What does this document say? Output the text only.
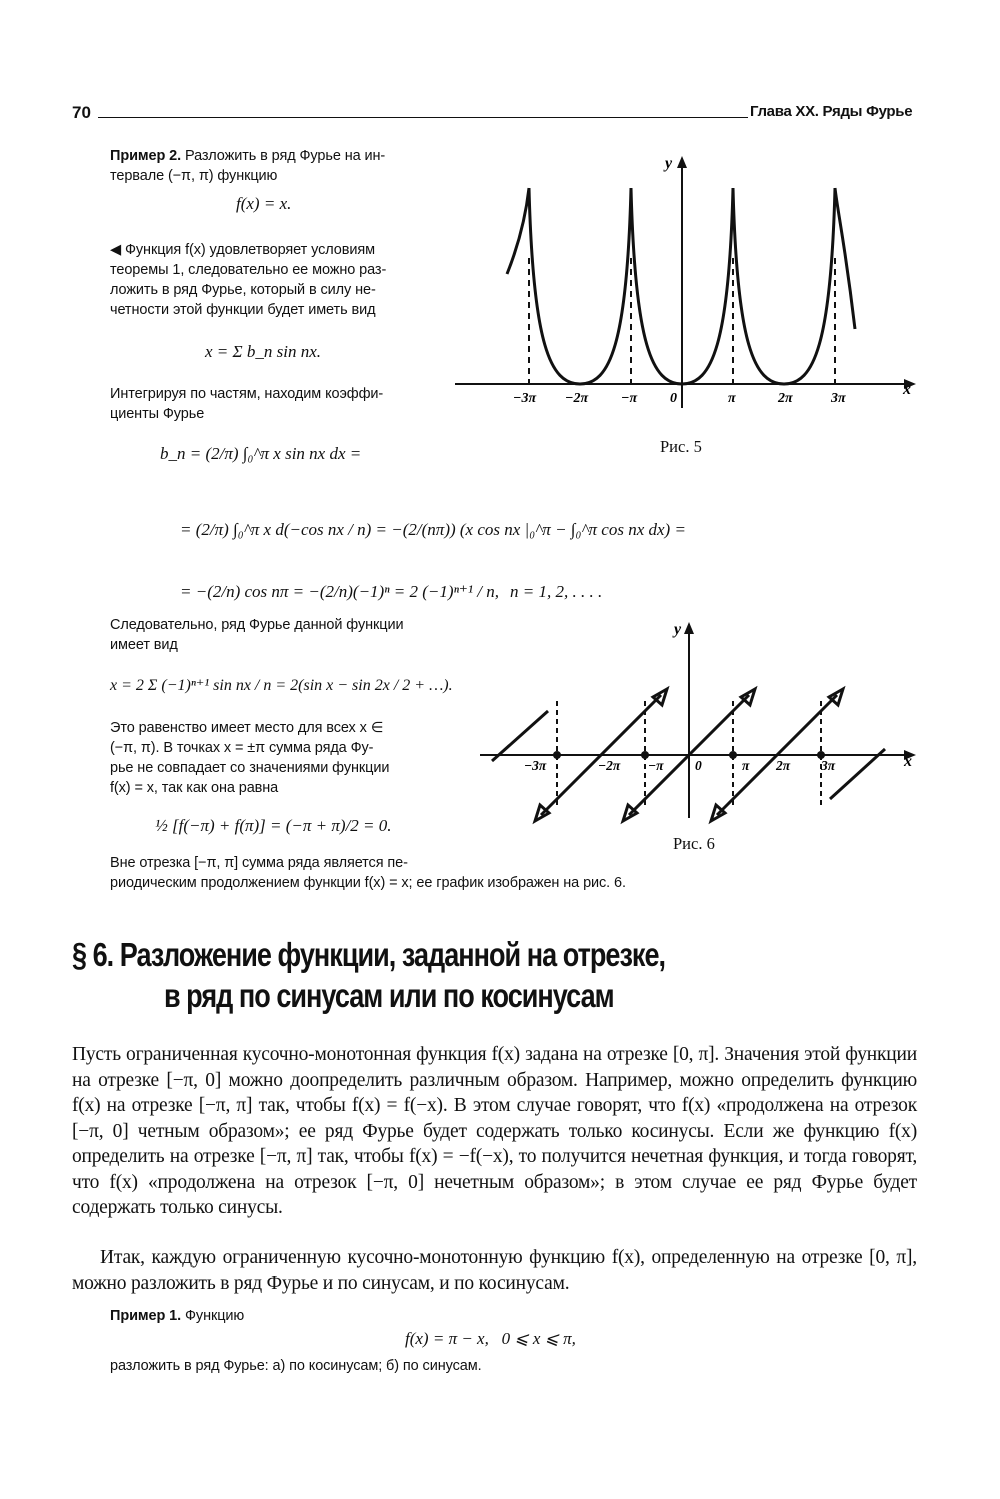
70	Глава XX. Ряды Фурье
Пример 2. Разложить в ряд Фурье на ин-
тервале (−π, π) функцию
f(x) = x.
◀ Функция f(x) удовлетворяет условиям
теоремы 1, следовательно ее можно раз-
ложить в ряд Фурье, который в силу не-
четности этой функции будет иметь вид
x = Σ b_n sin nx.
Интегрируя по частям, находим коэффи-
циенты Фурье
b_n = (2/π) ∫₀^π x sin nx dx =
= (2/π) ∫₀^π x d(−cos nx / n) = −(2/(nπ)) (x cos nx |₀^π − ∫₀^π cos nx dx) =
= −(2/n) cos nπ = −(2/n)(−1)ⁿ = 2 (−1)ⁿ⁺¹ / n, n = 1, 2, . . . .
Следовательно, ряд Фурье данной функции
имеет вид
x = 2 Σ (−1)ⁿ⁺¹ sin nx / n = 2(sin x − sin 2x / 2 + …).
Это равенство имеет место для всех x ∈
(−π, π). В точках x = ±π сумма ряда Фу-
рье не совпадает со значениями функции
f(x) = x, так как она равна
½ [f(−π) + f(π)] = (−π + π)/2 = 0.
Вне отрезка [−π, π] сумма ряда является пе-
риодическим продолжением функции f(x) = x; ее график изображен на рис. 6.
y
x
−3π −2π −π 0	π	2π	3π
Рис. 5
y
x
−3π	−2π −π 0	π 2π 3π
Рис. 6
§ 6. Разложение функции, заданной на отрезке,
в ряд по синусам или по косинусам
Пусть ограниченная кусочно-монотонная функция f(x) задана на отрезке [0, π]. Значения этой функции на отрезке [−π, 0] можно доопределить различным образом. Например, можно определить функцию f(x) на отрезке [−π, π] так, чтобы f(x) = f(−x). В этом случае говорят, что f(x) «продолжена на отрезок [−π, 0] четным образом»; ее ряд Фурье будет содержать только косинусы. Если же функцию f(x) определить на отрезке [−π, π] так, чтобы f(x) = −f(−x), то получится нечетная функция, и тогда говорят, что f(x) «продолжена на отрезок [−π, 0] нечетным образом»; в этом случае ее ряд Фурье будет содержать только синусы.
Итак, каждую ограниченную кусочно-монотонную функцию f(x), определенную на отрезке [0, π], можно разложить в ряд Фурье и по синусам, и по косинусам.
Пример 1. Функцию
f(x) = π − x,   0 ⩽ x ⩽ π,
разложить в ряд Фурье: а) по косинусам; б) по синусам.
